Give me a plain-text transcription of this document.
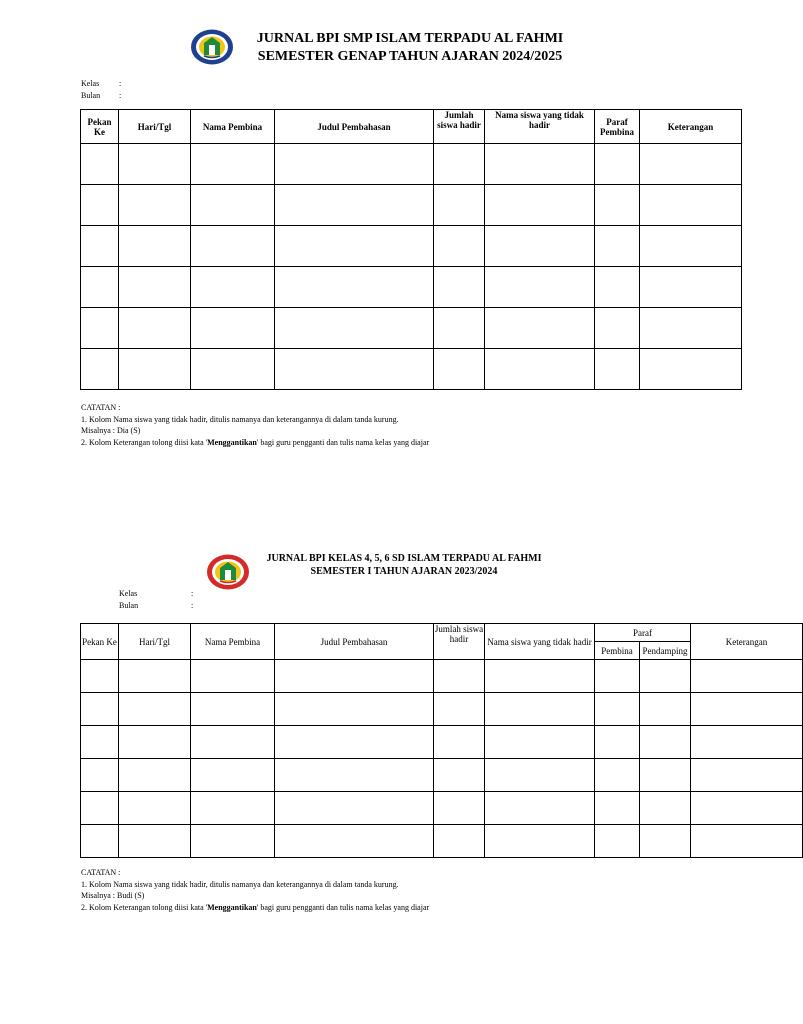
JURNAL BPI SMP ISLAM TERPADU AL FAHMI
SEMESTER GENAP TAHUN AJARAN 2024/2025
Kelas	:
Bulan	:
Pekan Ke	Hari/Tgl	Nama Pembina	Judul Pembahasan	Jumlah siswa hadir	Nama siswa yang tidak hadir	Paraf Pembina	Keterangan

CATATAN :
1. Kolom Nama siswa yang tidak hadir, ditulis namanya dan keterangannya di dalam tanda kurung.
Misalnya : Dia (S)
2. Kolom Keterangan tolong diisi kata 'Menggantikan' bagi guru pengganti dan tulis nama kelas yang diajar
JURNAL BPI KELAS 4, 5, 6 SD ISLAM TERPADU AL FAHMI
SEMESTER I TAHUN AJARAN 2023/2024
Kelas	:
Bulan	:
Pekan Ke	Hari/Tgl	Nama Pembina	Judul Pembahasan	Jumlah siswa hadir	Nama siswa yang tidak hadir	Paraf		Keterangan
						Pembina	Pendamping	

CATATAN :
1. Kolom Nama siswa yang tidak hadir, ditulis namanya dan keterangannya di dalam tanda kurung.
Misalnya : Budi (S)
2. Kolom Keterangan tolong diisi kata 'Menggantikan' bagi guru pengganti dan tulis nama kelas yang diajar
